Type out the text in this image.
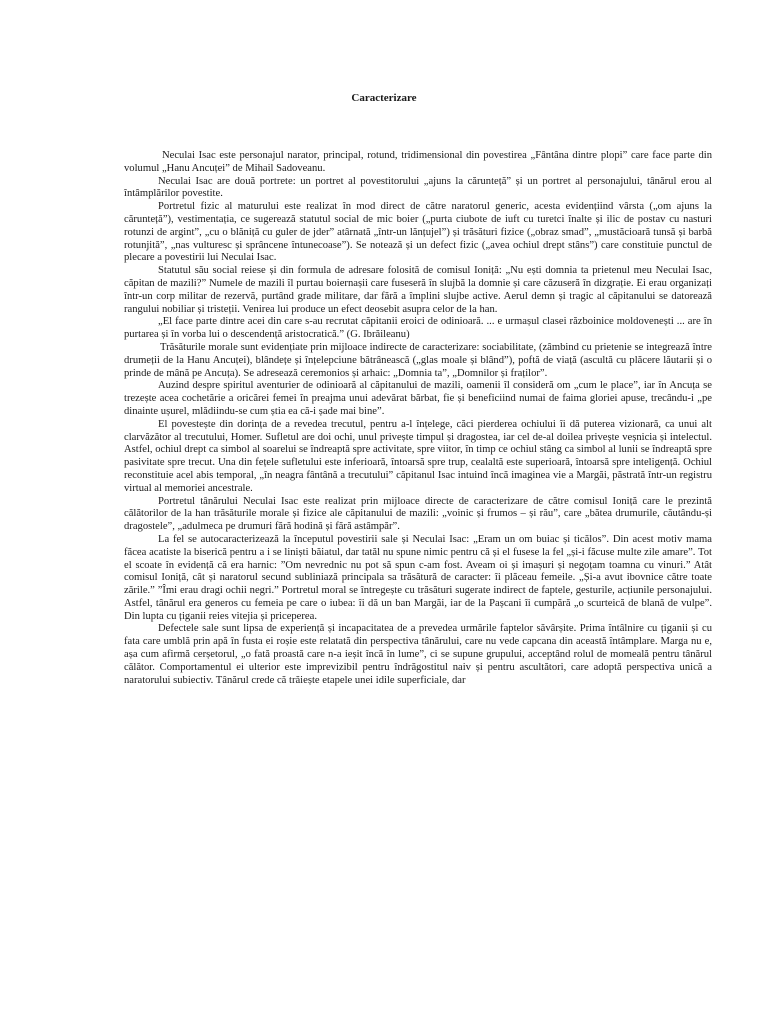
Caracterizare

Neculai Isac este personajul narator, principal, rotund, tridimensional din povestirea „Fântâna dintre plopi” care face parte din volumul „Hanu Ancuței” de Mihail Sadoveanu.

Neculai Isac are două portrete: un portret al povestitorului „ajuns la cărunteță” și un portret al personajului, tânărul erou al întâmplărilor povestite.

Portretul fizic al maturului este realizat în mod direct de către naratorul generic, acesta evidențiind vârsta („om ajuns la cărunteță”), vestimentația, ce sugerează statutul social de mic boier („purta ciubote de iuft cu turetci înalte și ilic de postav cu nasturi rotunzi de argint”, „cu o blăniță cu guler de jder” atârnată „într-un lănțujel”) și trăsături fizice („obraz smad”, „mustăcioară tunsă și barbă rotunjită”, „nas vulturesc și sprâncene întunecoase”). Se notează și un defect fizic („avea ochiul drept stâns”) care constituie punctul de plecare a povestirii lui Neculai Isac.

Statutul său social reiese și din formula de adresare folosită de comisul Ioniță: „Nu ești domnia ta prietenul meu Neculai Isac, căpitan de mazili?” Numele de mazili îl purtau boiernașii care fuseseră în slujbă la domnie și care căzuseră în dizgrație. Ei erau organizați într-un corp militar de rezervă, purtând grade militare, dar fără a împlini slujbe active. Aerul demn și tragic al căpitanului se datorează rangului nobiliar și tristeții. Venirea lui produce un efect deosebit asupra celor de la han.

„El face parte dintre acei din care s-au recrutat căpitanii eroici de odinioară. ... e urmașul clasei războinice moldovenești ... are în purtarea și în vorba lui o descendență aristocratică.” (G. Ibrăileanu)

Trăsăturile morale sunt evidențiate prin mijloace indirecte de caracterizare: sociabilitate, (zâmbind cu prietenie se integrează între drumeții de la Hanu Ancuței), blândețe și înțelepciune bătrânească („glas moale și blând”), poftă de viață (ascultă cu plăcere lăutarii și o prinde de mână pe Ancuța). Se adresează ceremonios și arhaic: „Domnia ta”, „Domnilor și fraților”.

Auzind despre spiritul aventurier de odinioară al căpitanului de mazili, oamenii îl consideră om „cum le place”, iar în Ancuța se trezește acea cochetărie a oricărei femei în preajma unui adevărat bărbat, fie și beneficiind numai de faima gloriei apuse, trecându-i „pe dinainte ușurel, mlădiindu-se cum știa ea că-i șade mai bine”.

El povestește din dorința de a revedea trecutul, pentru a-l înțelege, căci pierderea ochiului îi dă puterea vizionară, ca unui alt clarvăzător al trecutului, Homer. Sufletul are doi ochi, unul privește timpul și dragostea, iar cel de-al doilea privește veșnicia și intelectul. Astfel, ochiul drept ca simbol al soarelui se îndreaptă spre activitate, spre viitor, în timp ce ochiul stâng ca simbol al lunii se îndreaptă spre pasivitate spre trecut. Una din fețele sufletului este inferioară, întoarsă spre trup, cealaltă este superioară, întoarsă spre inteligență. Ochiul reconstituie acel abis temporal, „în neagra fântână a trecutului” căpitanul Isac intuind încă imaginea vie a Margăi, păstrată într-un registru virtual al memoriei ancestrale.

Portretul tânărului Neculai Isac este realizat prin mijloace directe de caracterizare de către comisul Ioniță care le prezintă călătorilor de la han trăsăturile morale și fizice ale căpitanului de mazili: „voinic și frumos – și rău”, care „bătea drumurile, căutându-și dragostele”, „adulmeca pe drumuri fără hodină și fără astâmpăr”.

La fel se autocaracterizează la începutul povestirii sale și Neculai Isac: „Eram un om buiac și ticălos”. Din acest motiv mama făcea acatiste la biserică pentru a i se liniști băiatul, dar tatăl nu spune nimic pentru că și el fusese la fel „și-i făcuse multe zile amare”. Tot el scoate în evidență că era harnic: ”Om nevrednic nu pot să spun c-am fost. Aveam oi și imașuri și negoțam toamna cu vinuri.” Atât comisul Ioniță, cât și naratorul secund subliniază principala sa trăsătură de caracter: îi plăceau femeile. „Și-a avut ibovnice către toate zările.” ”Îmi erau dragi ochii negri.” Portretul moral se întregește cu trăsături sugerate indirect de faptele, gesturile, acțiunile personajului. Astfel, tânărul era generos cu femeia pe care o iubea: îi dă un ban Margăi, iar de la Pașcani îi cumpără „o scurteică de blană de vulpe”. Din lupta cu țiganii reies vitejia și priceperea.

Defectele sale sunt lipsa de experiență și incapacitatea de a prevedea urmările faptelor săvârșite. Prima întâlnire cu țiganii și cu fata care umblă prin apă în fusta ei roșie este relatată din perspectiva tânărului, care nu vede capcana din această întâmplare. Marga nu e, așa cum afirmă cerșetorul, „o fată proastă care n-a ieșit încă în lume”, ci se supune grupului, acceptând rolul de momeală pentru tânărul călător. Comportamentul ei ulterior este imprevizibil pentru îndrăgostitul naiv și pentru ascultători, care adoptă perspectiva unică a naratorului subiectiv. Tânărul crede că trăiește etapele unei idile superficiale, dar
